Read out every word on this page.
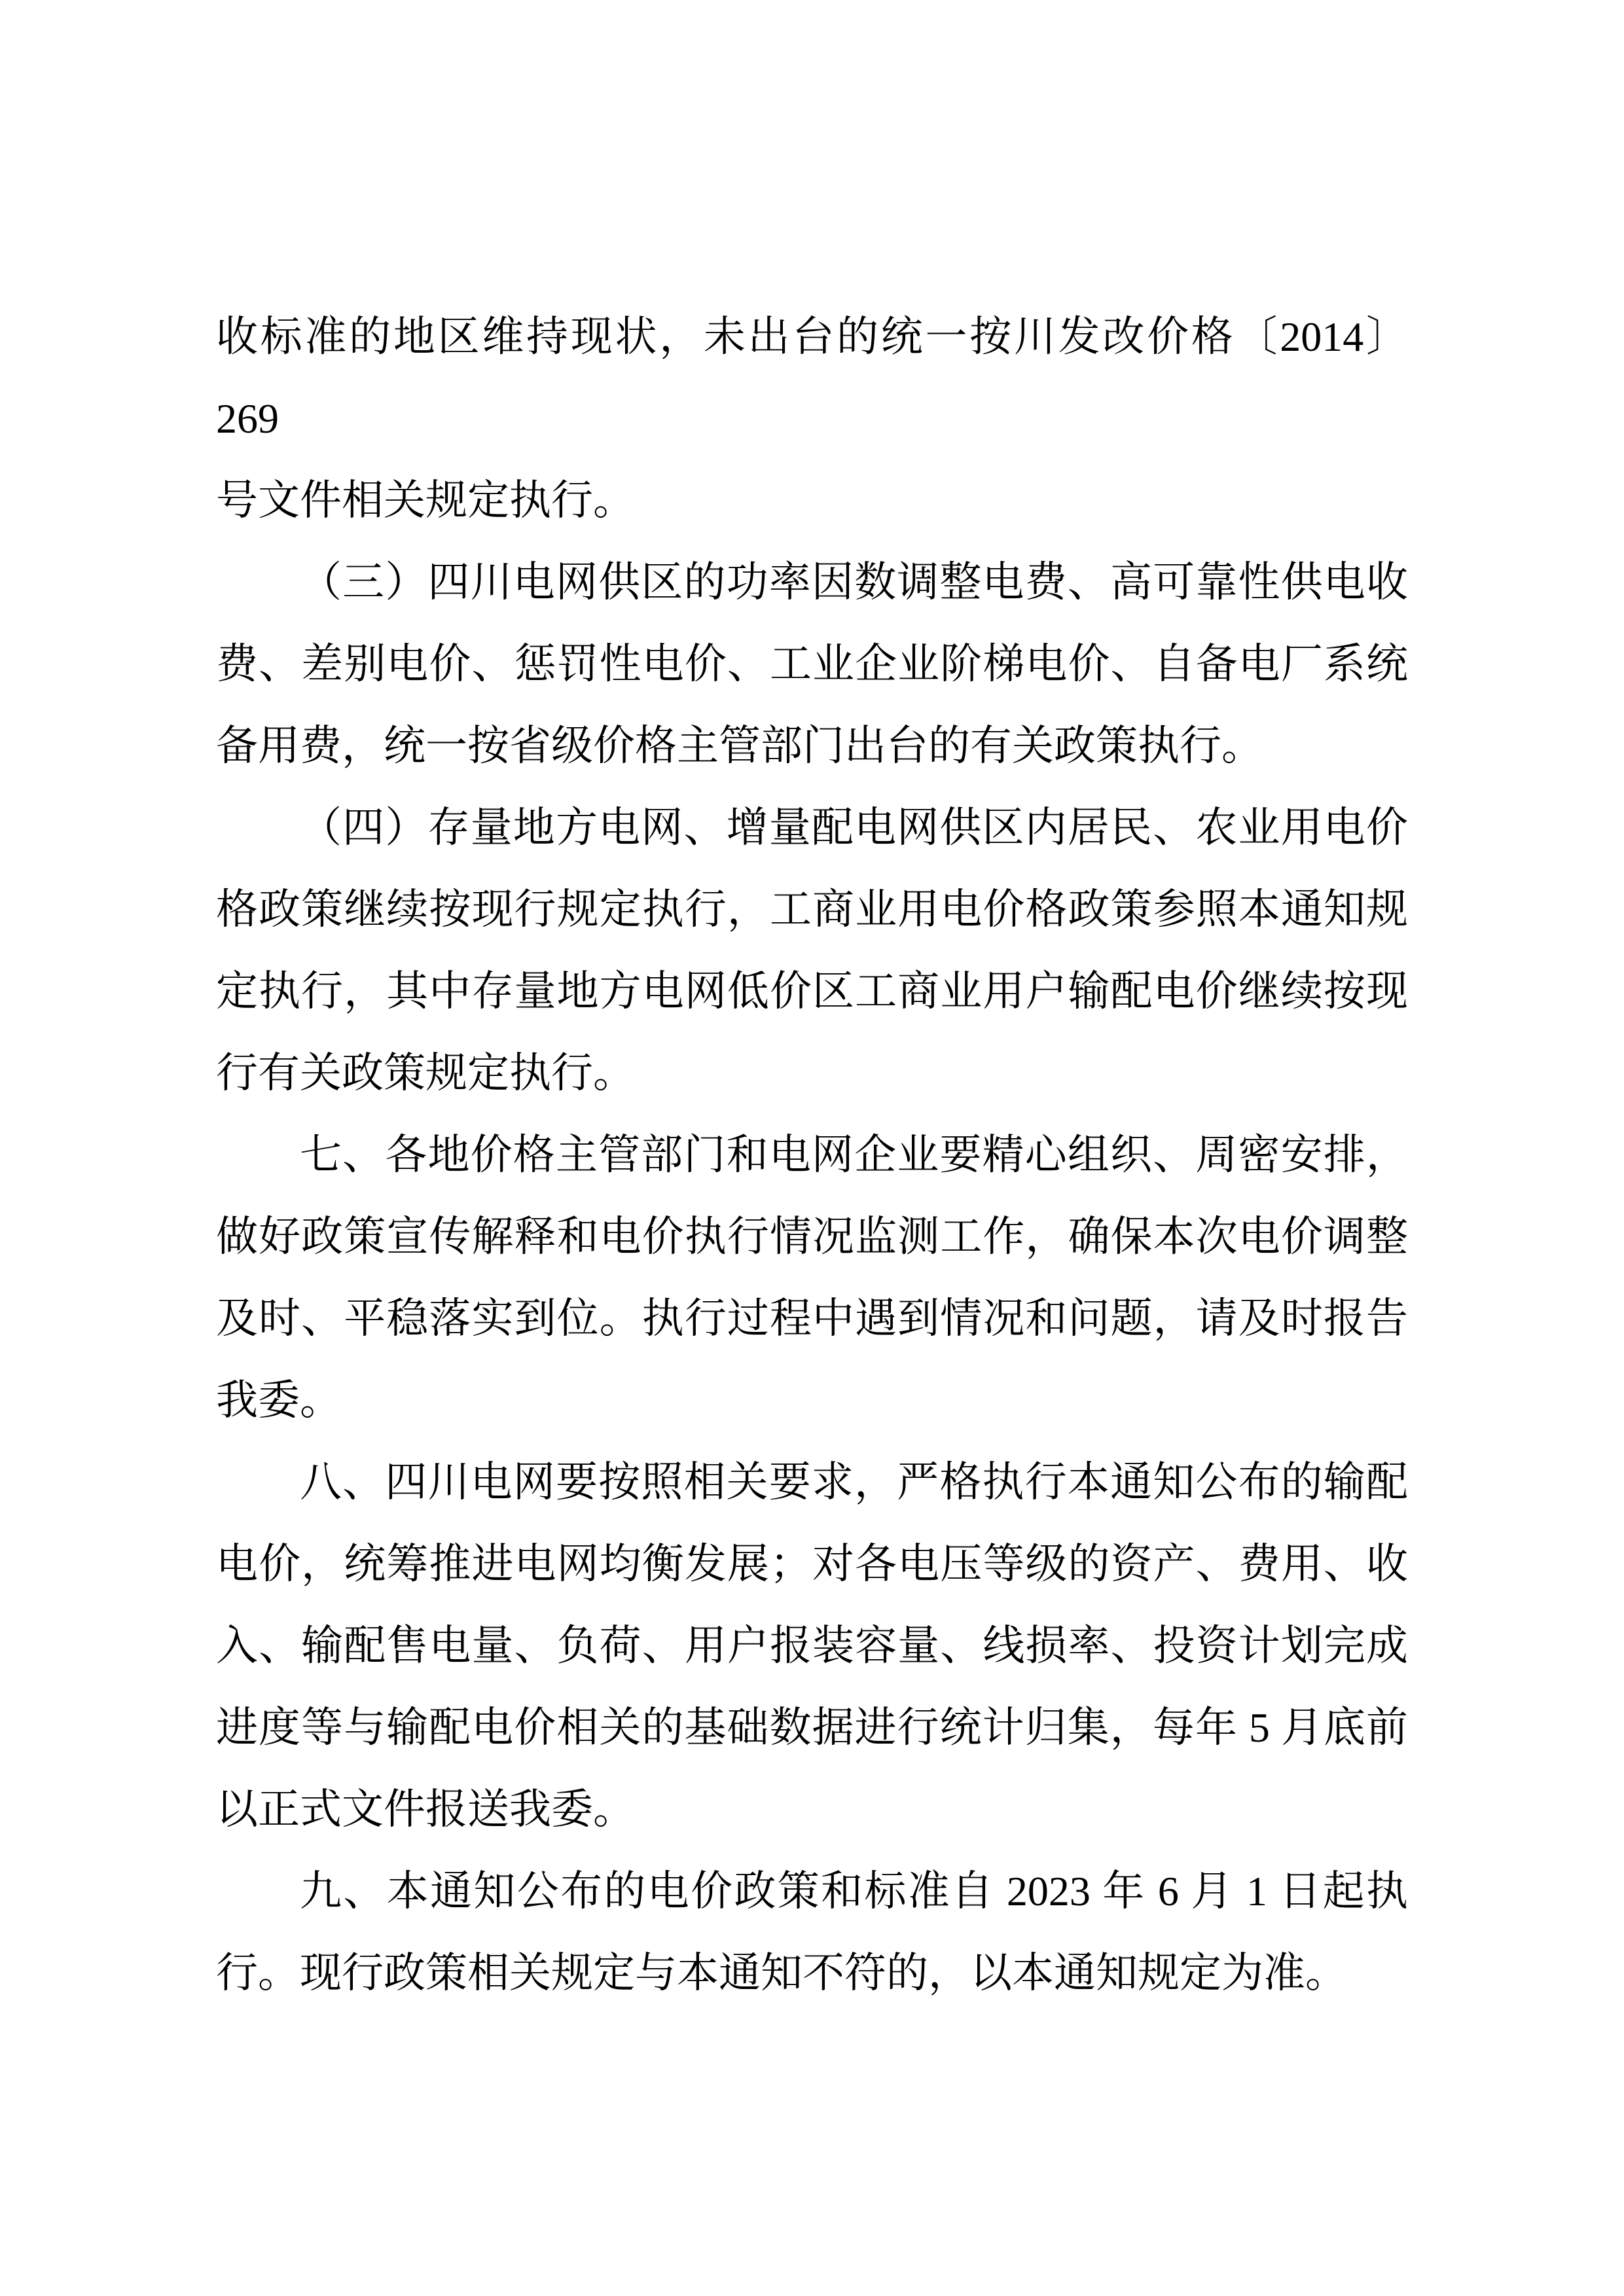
收标准的地区维持现状，未出台的统一按川发改价格〔2014〕269
号文件相关规定执行。
（三）四川电网供区的功率因数调整电费、高可靠性供电收
费、差别电价、惩罚性电价、工业企业阶梯电价、自备电厂系统
备用费，统一按省级价格主管部门出台的有关政策执行。
（四）存量地方电网、增量配电网供区内居民、农业用电价
格政策继续按现行规定执行，工商业用电价格政策参照本通知规
定执行，其中存量地方电网低价区工商业用户输配电价继续按现
行有关政策规定执行。
七、各地价格主管部门和电网企业要精心组织、周密安排，
做好政策宣传解释和电价执行情况监测工作，确保本次电价调整
及时、平稳落实到位。执行过程中遇到情况和问题，请及时报告
我委。
八、四川电网要按照相关要求，严格执行本通知公布的输配
电价，统筹推进电网均衡发展；对各电压等级的资产、费用、收
入、输配售电量、负荷、用户报装容量、线损率、投资计划完成
进度等与输配电价相关的基础数据进行统计归集，每年 5 月底前
以正式文件报送我委。
九、本通知公布的电价政策和标准自 2023 年 6 月 1 日起执
行。现行政策相关规定与本通知不符的，以本通知规定为准。
